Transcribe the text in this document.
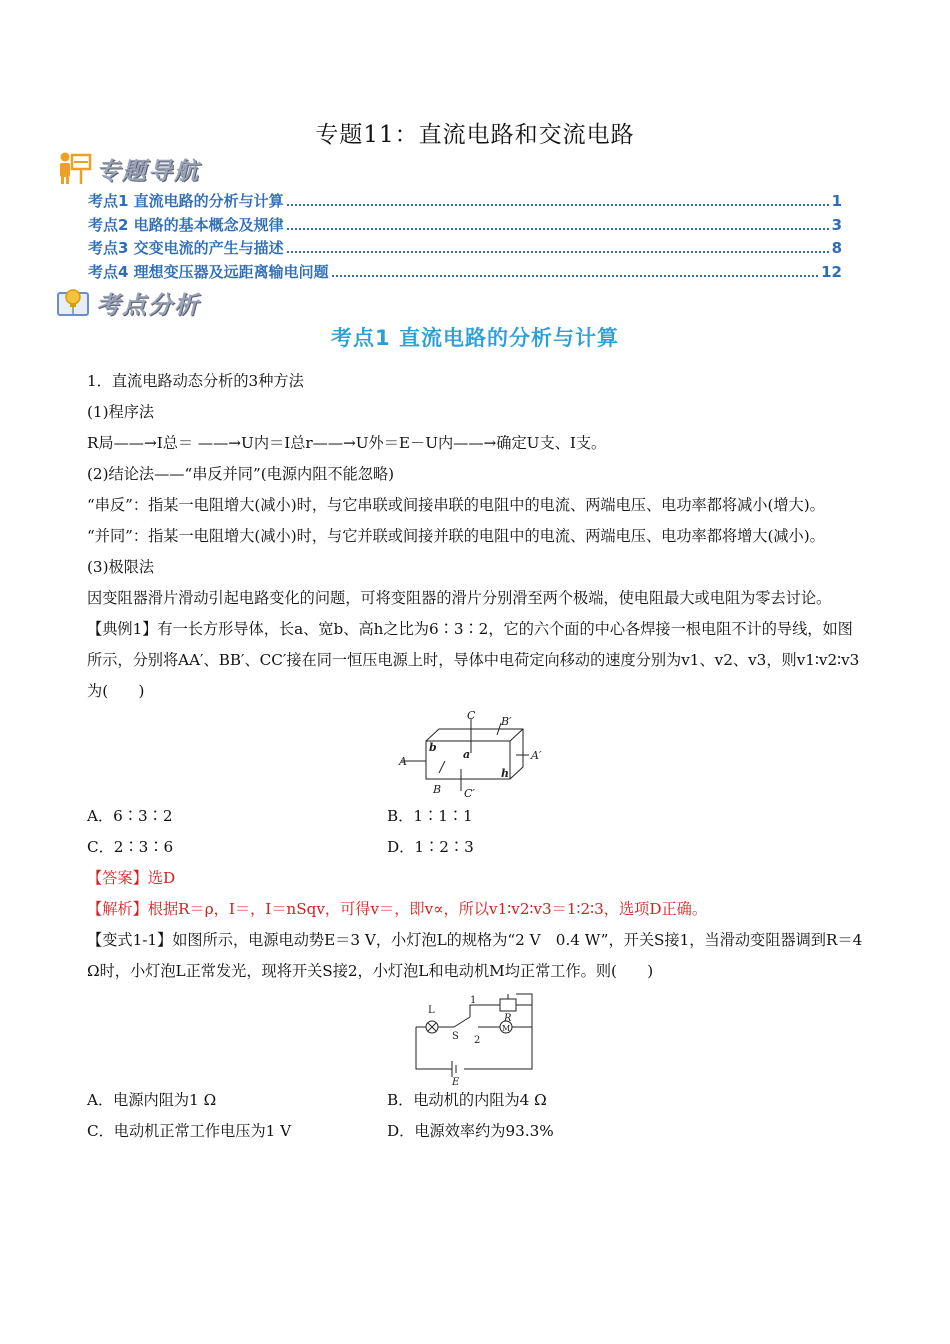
专题11：直流电路和交流电路
专题导航
考点1 直流电路的分析与计算	1
考点2 电路的基本概念及规律	3
考点3 交变电流的产生与描述	8
考点4 理想变压器及远距离输电问题	12
考点分析
考点1 直流电路的分析与计算

1．直流电路动态分析的3种方法

(1)程序法

R局——→I总＝ ——→U内＝I总r——→U外＝E－U内——→确定U支、I支。

(2)结论法——“串反并同”(电源内阻不能忽略)

“串反”：指某一电阻增大(减小)时，与它串联或间接串联的电阻中的电流、两端电压、电功率都将减小(增大)。

“并同”：指某一电阻增大(减小)时，与它并联或间接并联的电阻中的电流、两端电压、电功率都将增大(减小)。

(3)极限法

因变阻器滑片滑动引起电路变化的问题，可将变阻器的滑片分别滑至两个极端，使电阻最大或电阻为零去讨论。

【典例1】有一长方形导体，长a、宽b、高h之比为6∶3∶2，它的六个面的中心各焊接一根电阻不计的导线，如图所示，分别将AA′、BB′、CC′接在同一恒压电源上时，导体中电荷定向移动的速度分别为v1、v2、v3，则v1∶v2∶v3为(　　)

A	A′
B
B′
C
C′
a
b
h
A．6∶3∶2	B．1∶1∶1
C．2∶3∶6	D．1∶2∶3

【答案】选D

【解析】根据R＝ρ，I＝，I＝nSqv，可得v＝，即v∝，所以v1∶v2∶v3＝1∶2∶3，选项D正确。

【变式1-1】如图所示，电源电动势E＝3 V，小灯泡L的规格为“2 V　0.4 W”，开关S接1，当滑动变阻器调到R＝4 Ω时，小灯泡L正常发光，现将开关S接2，小灯泡L和电动机M均正常工作。则(　　)

L
S
1
2
R
M
E
A．电源内阻为1 Ω	B．电动机的内阻为4 Ω
C．电动机正常工作电压为1 V	D．电源效率约为93.3%
